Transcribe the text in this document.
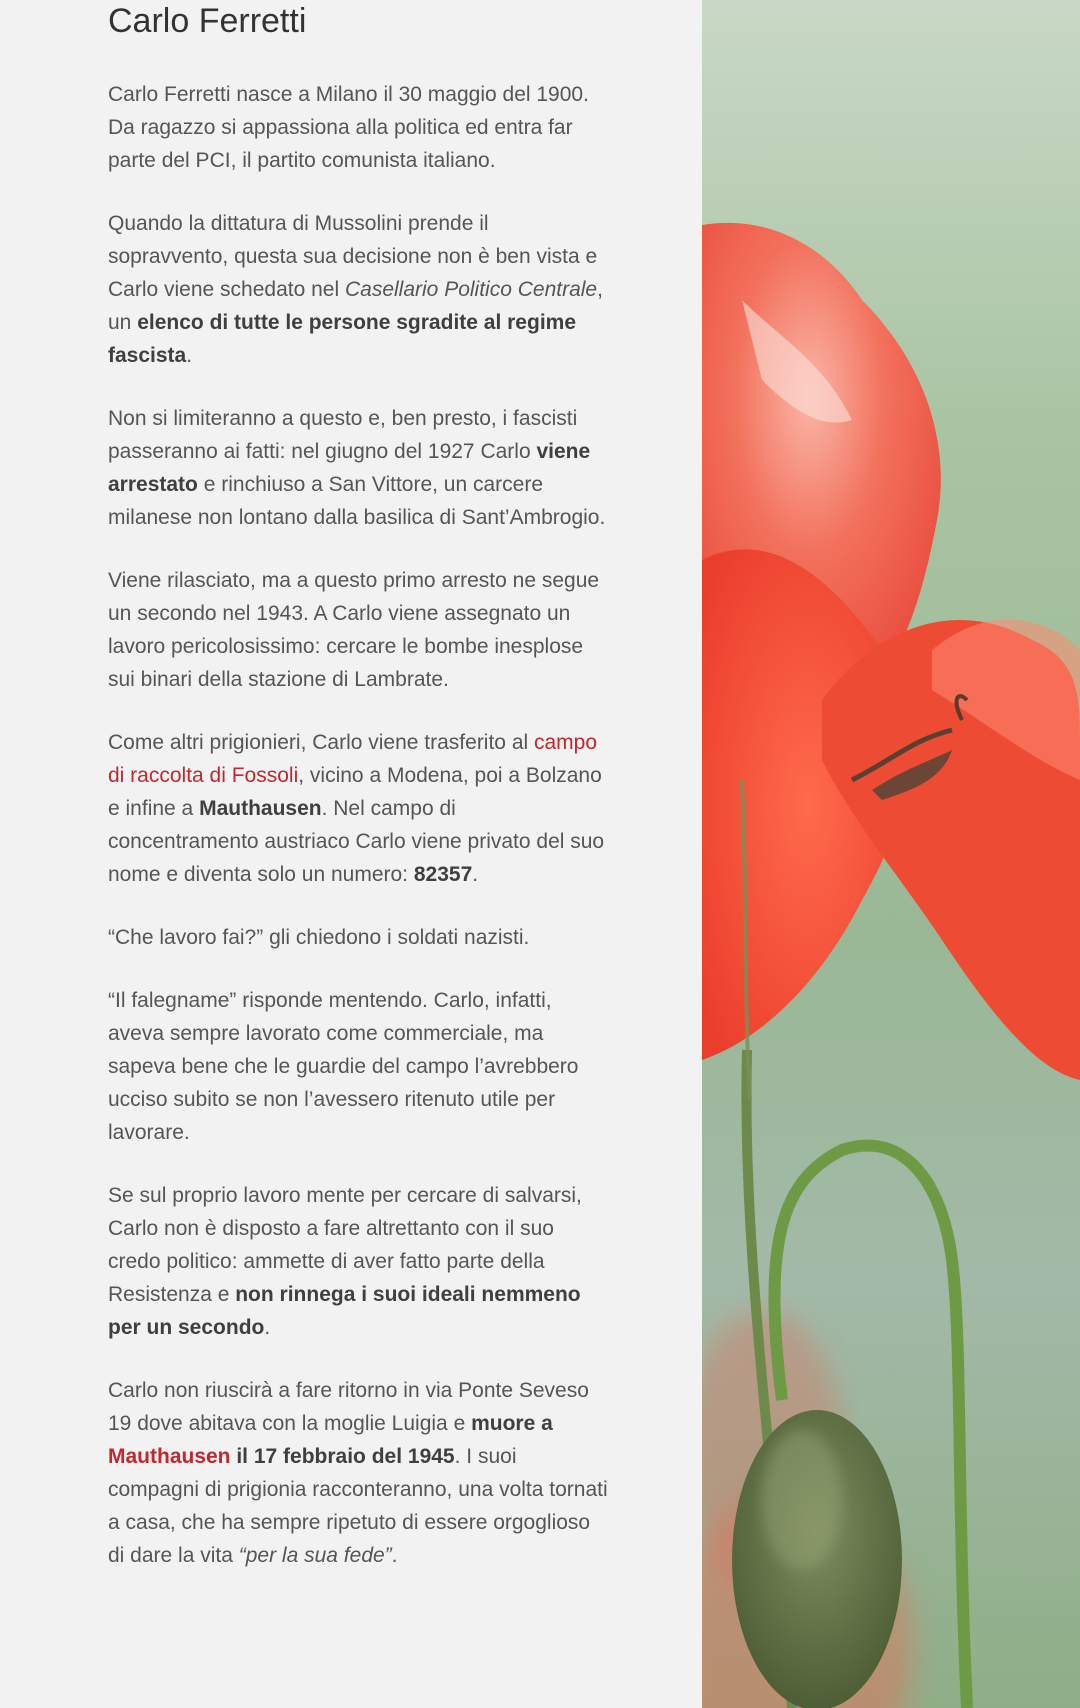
Carlo Ferretti

Carlo Ferretti nasce a Milano il 30 maggio del 1900. Da ragazzo si appassiona alla politica ed entra far parte del PCI, il partito comunista italiano.

Quando la dittatura di Mussolini prende il sopravvento, questa sua decisione non è ben vista e Carlo viene schedato nel Casellario Politico Centrale, un elenco di tutte le persone sgradite al regime fascista.

Non si limiteranno a questo e, ben presto, i fascisti passeranno ai fatti: nel giugno del 1927 Carlo viene arrestato e rinchiuso a San Vittore, un carcere milanese non lontano dalla basilica di Sant’Ambrogio.

Viene rilasciato, ma a questo primo arresto ne segue un secondo nel 1943. A Carlo viene assegnato un lavoro pericolosissimo: cercare le bombe inesplose sui binari della stazione di Lambrate.

Come altri prigionieri, Carlo viene trasferito al campo di raccolta di Fossoli, vicino a Modena, poi a Bolzano e infine a Mauthausen. Nel campo di concentramento austriaco Carlo viene privato del suo nome e diventa solo un numero: 82357.

“Che lavoro fai?” gli chiedono i soldati nazisti.

“Il falegname” risponde mentendo. Carlo, infatti, aveva sempre lavorato come commerciale, ma sapeva bene che le guardie del campo l’avrebbero ucciso subito se non l’avessero ritenuto utile per lavorare.

Se sul proprio lavoro mente per cercare di salvarsi, Carlo non è disposto a fare altrettanto con il suo credo politico: ammette di aver fatto parte della Resistenza e non rinnega i suoi ideali nemmeno per un secondo.

Carlo non riuscirà a fare ritorno in via Ponte Seveso 19 dove abitava con la moglie Luigia e muore a Mauthausen il 17 febbraio del 1945. I suoi compagni di prigionia racconteranno, una volta tornati a casa, che ha sempre ripetuto di essere orgoglioso di dare la vita “per la sua fede”.
